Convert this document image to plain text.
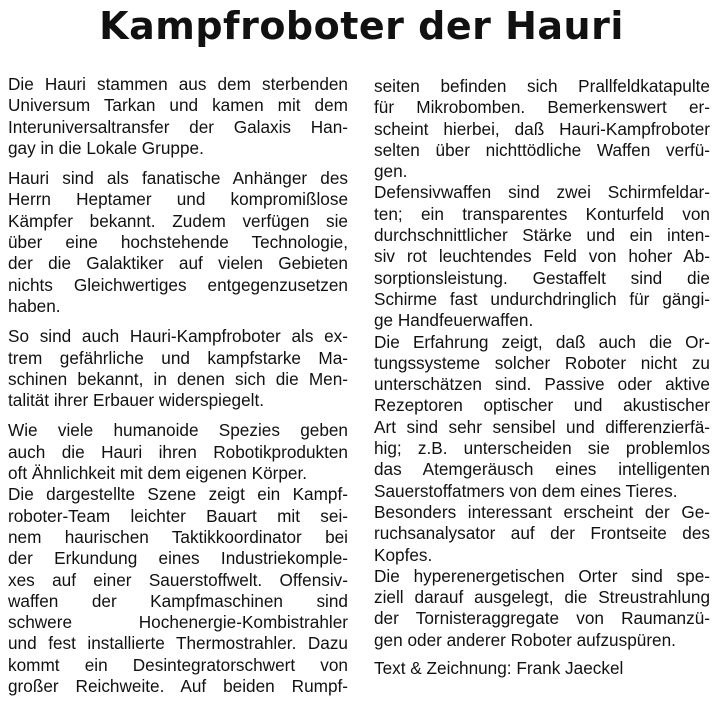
Kampfroboter der Hauri

Die Hauri stammen aus dem sterbenden
Universum Tarkan und kamen mit dem
Interuniversaltransfer der Galaxis Han-
gay in die Lokale Gruppe.

Hauri sind als fanatische Anhänger des
Herrn Heptamer und kompromißlose
Kämpfer bekannt. Zudem verfügen sie
über eine hochstehende Technologie,
der die Galaktiker auf vielen Gebieten
nichts Gleichwertiges entgegenzusetzen
haben.

So sind auch Hauri-Kampfroboter als ex-
trem gefährliche und kampfstarke Ma-
schinen bekannt, in denen sich die Men-
talität ihrer Erbauer widerspiegelt.

Wie viele humanoide Spezies geben
auch die Hauri ihren Robotikprodukten
oft Ähnlichkeit mit dem eigenen Körper.
Die dargestellte Szene zeigt ein Kampf-
roboter-Team leichter Bauart mit sei-
nem haurischen Taktikkoordinator bei
der Erkundung eines Industriekomple-
xes auf einer Sauerstoffwelt. Offensiv-
waffen der Kampfmaschinen sind
schwere Hochenergie-Kombistrahler
und fest installierte Thermostrahler. Dazu
kommt ein Desintegratorschwert von
großer Reichweite. Auf beiden Rumpf-

seiten befinden sich Prallfeldkatapulte
für Mikrobomben. Bemerkenswert er-
scheint hierbei, daß Hauri-Kampfroboter
selten über nichttödliche Waffen verfü-
gen.

Defensivwaffen sind zwei Schirmfeldar-
ten; ein transparentes Konturfeld von
durchschnittlicher Stärke und ein inten-
siv rot leuchtendes Feld von hoher Ab-
sorptionsleistung. Gestaffelt sind die
Schirme fast undurchdringlich für gängi-
ge Handfeuerwaffen.

Die Erfahrung zeigt, daß auch die Or-
tungssysteme solcher Roboter nicht zu
unterschätzen sind. Passive oder aktive
Rezeptoren optischer und akustischer
Art sind sehr sensibel und differenzierfä-
hig; z.B. unterscheiden sie problemlos
das Atemgeräusch eines intelligenten
Sauerstoffatmers von dem eines Tieres.
Besonders interessant erscheint der Ge-
ruchsanalysator auf der Frontseite des
Kopfes.

Die hyperenergetischen Orter sind spe-
ziell darauf ausgelegt, die Streustrahlung
der Tornisteraggregate von Raumanzü-
gen oder anderer Roboter aufzuspüren.

Text & Zeichnung: Frank Jaeckel
